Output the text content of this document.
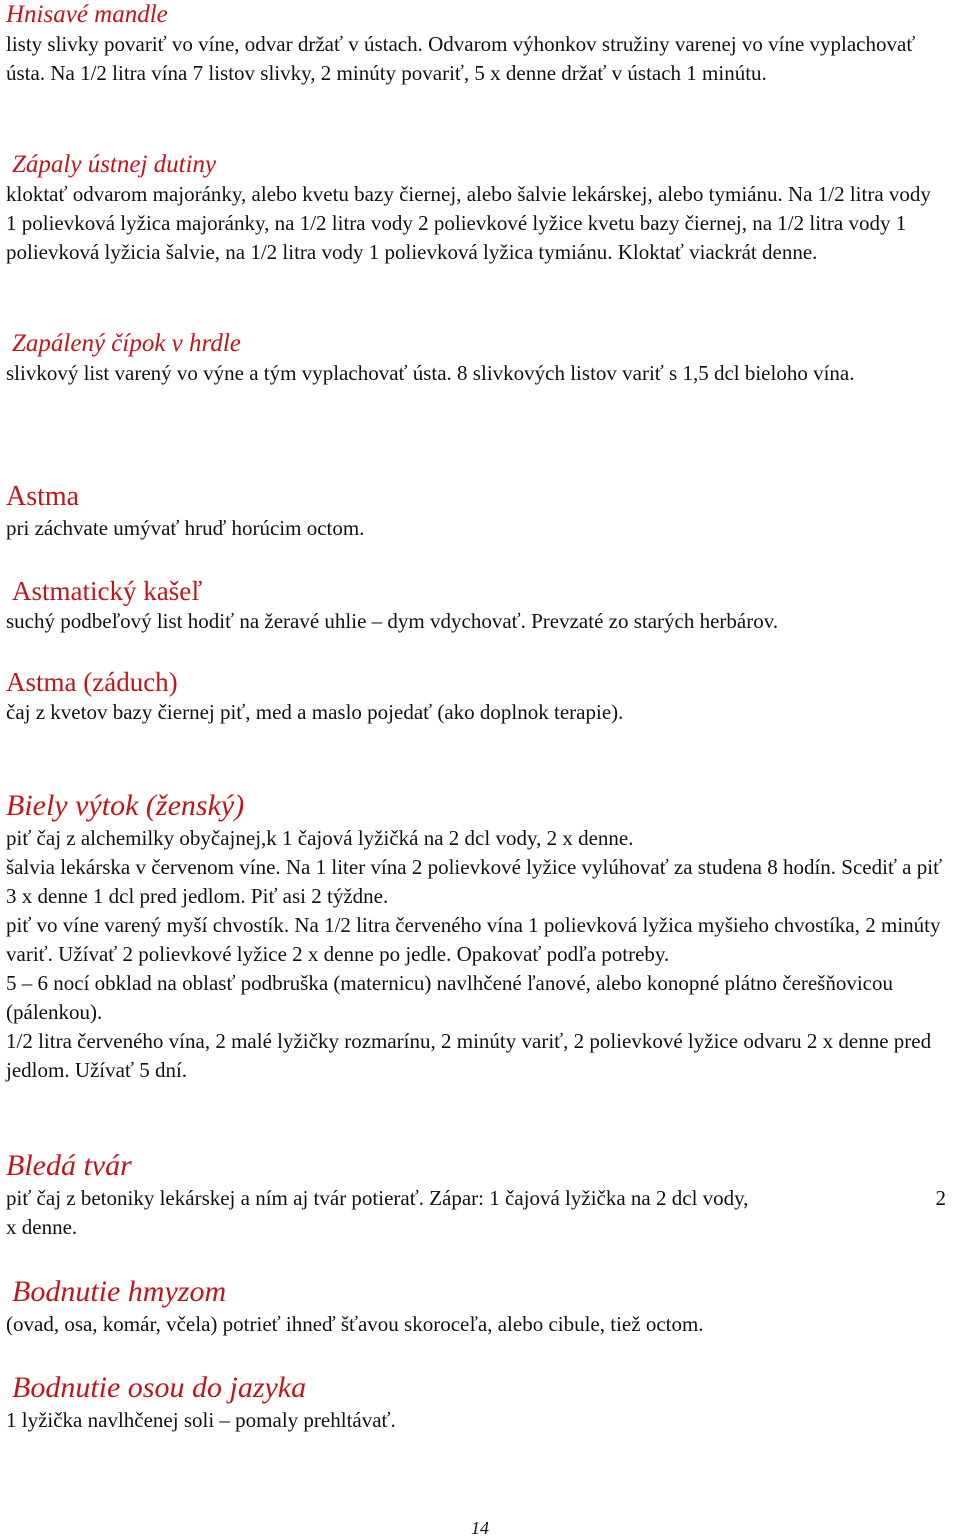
Hnisavé mandle

listy slivky povariť vo víne, odvar držať v ústach. Odvarom výhonkov stružiny varenej vo víne vyplachovať ústa. Na 1/2 litra vína 7 listov slivky, 2 minúty povariť, 5 x denne držať v ústach 1 minútu.

Zápaly ústnej dutiny

kloktať odvarom majoránky, alebo kvetu bazy čiernej, alebo šalvie lekárskej, alebo tymiánu. Na 1/2 litra vody 1 polievková lyžica majoránky, na 1/2 litra vody 2 polievkové lyžice kvetu bazy čiernej, na 1/2 litra vody 1 polievková lyžicia šalvie, na 1/2 litra vody 1 polievková lyžica tymiánu. Kloktať viackrát denne.

Zapálený čípok v hrdle

slivkový list varený vo výne a tým vyplachovať ústa. 8 slivkových listov variť s 1,5 dcl bieloho vína.

Astma

pri záchvate umývať hruď horúcim octom.

Astmatický kašeľ

suchý podbeľový list hodiť na žeravé uhlie – dym vdychovať. Prevzaté zo starých herbárov.

Astma (záduch)

čaj z kvetov bazy čiernej piť, med a maslo pojedať (ako doplnok terapie).

Biely výtok (ženský)

piť čaj z alchemilky obyčajnej,k 1 čajová lyžičká na 2 dcl vody, 2 x denne.

šalvia lekárska v červenom víne. Na 1 liter vína 2 polievkové lyžice vylúhovať za studena 8 hodín. Scediť a piť 3 x denne 1 dcl pred jedlom. Piť asi 2 týždne.

piť vo víne varený myší chvostík. Na 1/2 litra červeného vína 1 polievková lyžica myšieho chvostíka, 2 minúty variť. Užívať 2 polievkové lyžice 2 x denne po jedle. Opakovať podľa potreby.

5 – 6 nocí obklad na oblasť podbruška (maternicu) navlhčené ľanové, alebo konopné plátno čerešňovicou (pálenkou).

1/2 litra červeného vína, 2 malé lyžičky rozmarínu, 2 minúty variť, 2 polievkové lyžice odvaru 2 x denne pred jedlom. Užívať 5 dní.

Bledá tvár
piť čaj z betoniky lekárskej a ním aj tvár potierať. Zápar: 1 čajová lyžička na 2 dcl vody,	2

x denne.

Bodnutie hmyzom

(ovad, osa, komár, včela) potrieť ihneď šťavou skoroceľa, alebo cibule, tiež octom.

Bodnutie osou do jazyka

1 lyžička navlhčenej soli – pomaly prehltávať.

14
